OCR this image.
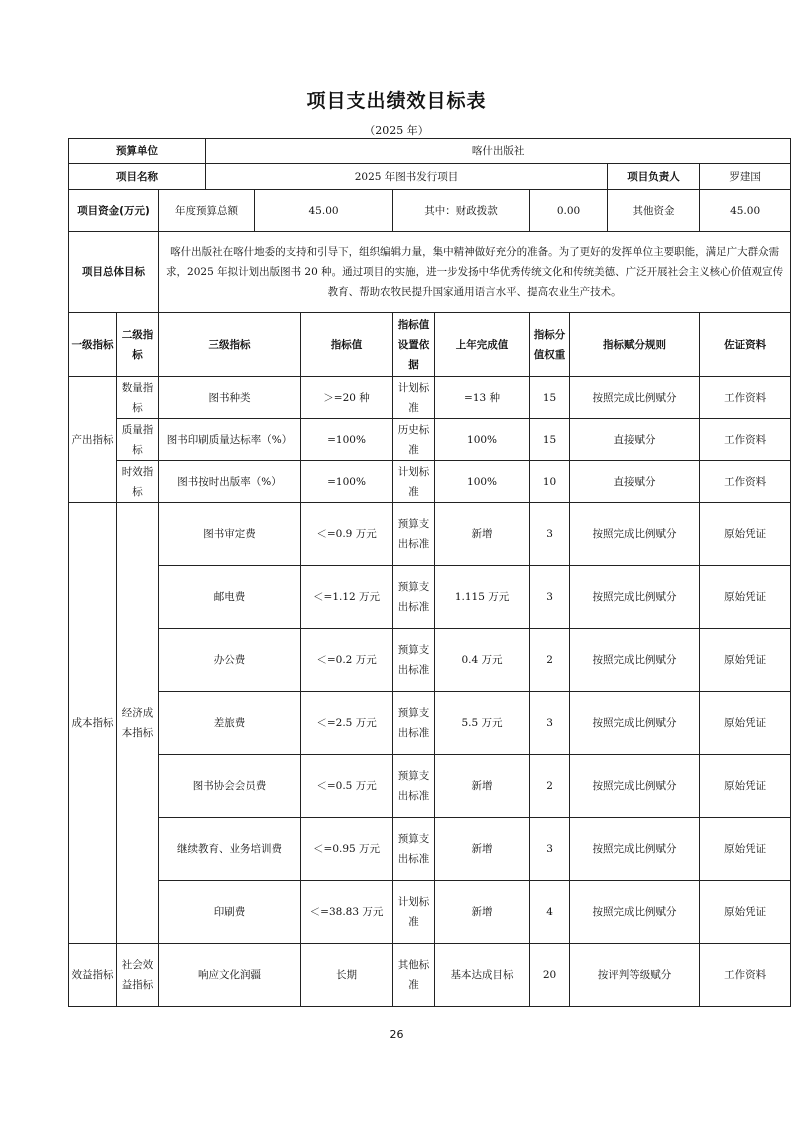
项目支出绩效目标表
（2025 年）
预算单位			喀什出版社								
项目名称			2025 年图书发行项目							项目负责人	罗建国
项目资金(万元)		年度预算总额		45.00		其中：财政拨款		0.00		其他资金	45.00
项目总体目标		喀什出版社在喀什地委的支持和引导下，组织编辑力量，集中精神做好充分的准备。为了更好的发挥单位主要职能，满足广大群众需求，2025 年拟计划出版图书 20 种。通过项目的实施，进一步发扬中华优秀传统文化和传统美德、广泛开展社会主义核心价值观宣传教育、帮助农牧民提升国家通用语言水平、提高农业生产技术。									
一级指标	二级指标	三级指标			指标值	指标值设置依据	上年完成值	指标分值权重	指标赋分规则		佐证资料
产出指标	数量指标	图书种类			＞=20 种	计划标准	=13 种	15	按照完成比例赋分		工作资料
	质量指标	图书印刷质量达标率（%）			=100%	历史标准	100%	15	直接赋分		工作资料
	时效指标	图书按时出版率（%）			=100%	计划标准	100%	10	直接赋分		工作资料
成本指标	经济成本指标	图书审定费			＜=0.9 万元	预算支出标准	新增	3	按照完成比例赋分		原始凭证
		邮电费			＜=1.12 万元	预算支出标准	1.115 万元	3	按照完成比例赋分		原始凭证
		办公费			＜=0.2 万元	预算支出标准	0.4 万元	2	按照完成比例赋分		原始凭证
		差旅费			＜=2.5 万元	预算支出标准	5.5 万元	3	按照完成比例赋分		原始凭证
		图书协会会员费			＜=0.5 万元	预算支出标准	新增	2	按照完成比例赋分		原始凭证
		继续教育、业务培训费			＜=0.95 万元	预算支出标准	新增	3	按照完成比例赋分		原始凭证
		印刷费			＜=38.83 万元	计划标准	新增	4	按照完成比例赋分		原始凭证
效益指标	社会效益指标	响应文化润疆			长期	其他标准	基本达成目标	20	按评判等级赋分		工作资料
26
